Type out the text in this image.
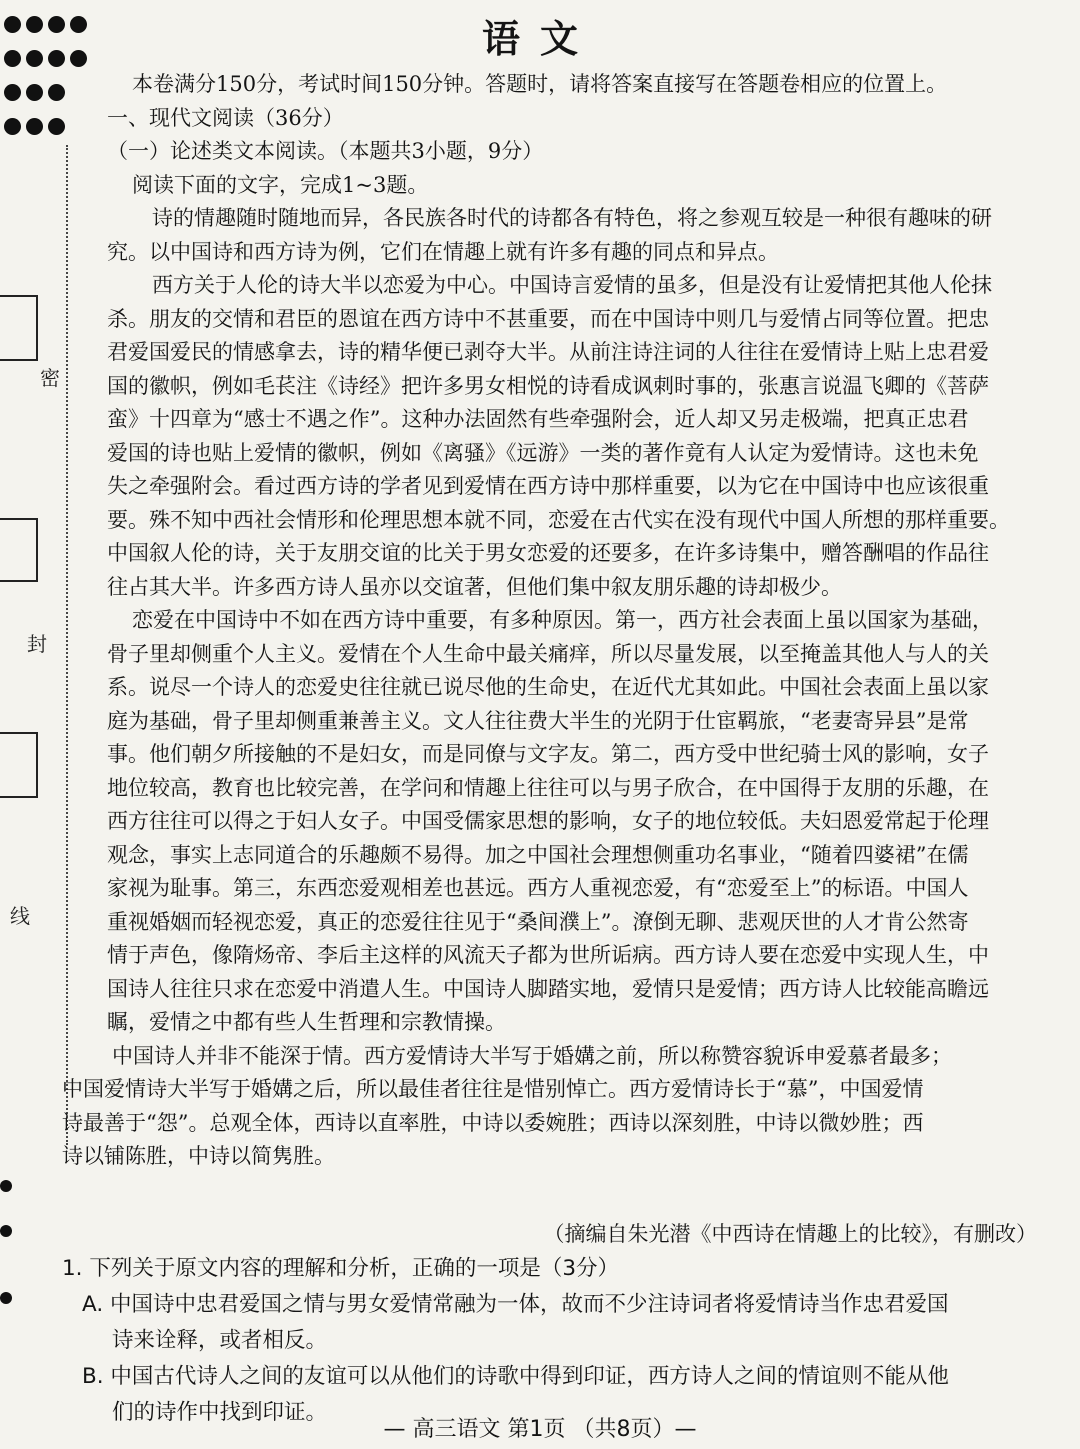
密
封
线
语文
本卷满分150分，考试时间150分钟。答题时，请将答案直接写在答题卷相应的位置上。
一、现代文阅读（36分）
（一）论述类文本阅读。（本题共3小题，9分）
阅读下面的文字，完成1~3题。
诗的情趣随时随地而异，各民族各时代的诗都各有特色，将之参观互较是一种很有趣味的研
究。以中国诗和西方诗为例，它们在情趣上就有许多有趣的同点和异点。
西方关于人伦的诗大半以恋爱为中心。中国诗言爱情的虽多，但是没有让爱情把其他人伦抹
杀。朋友的交情和君臣的恩谊在西方诗中不甚重要，而在中国诗中则几与爱情占同等位置。把忠
君爱国爱民的情感拿去，诗的精华便已剥夺大半。从前注诗注词的人往往在爱情诗上贴上忠君爱
国的徽帜，例如毛苌注《诗经》把许多男女相悦的诗看成讽刺时事的，张惠言说温飞卿的《菩萨
蛮》十四章为“感士不遇之作”。这种办法固然有些牵强附会，近人却又另走极端，把真正忠君
爱国的诗也贴上爱情的徽帜，例如《离骚》《远游》一类的著作竟有人认定为爱情诗。这也未免
失之牵强附会。看过西方诗的学者见到爱情在西方诗中那样重要，以为它在中国诗中也应该很重
要。殊不知中西社会情形和伦理思想本就不同，恋爱在古代实在没有现代中国人所想的那样重要。
中国叙人伦的诗，关于友朋交谊的比关于男女恋爱的还要多，在许多诗集中，赠答酬唱的作品往
往占其大半。许多西方诗人虽亦以交谊著，但他们集中叙友朋乐趣的诗却极少。
恋爱在中国诗中不如在西方诗中重要，有多种原因。第一，西方社会表面上虽以国家为基础，
骨子里却侧重个人主义。爱情在个人生命中最关痛痒，所以尽量发展，以至掩盖其他人与人的关
系。说尽一个诗人的恋爱史往往就已说尽他的生命史，在近代尤其如此。中国社会表面上虽以家
庭为基础，骨子里却侧重兼善主义。文人往往费大半生的光阴于仕宦羁旅，“老妻寄异县”是常
事。他们朝夕所接触的不是妇女，而是同僚与文字友。第二，西方受中世纪骑士风的影响，女子
地位较高，教育也比较完善，在学问和情趣上往往可以与男子欣合，在中国得于友朋的乐趣，在
西方往往可以得之于妇人女子。中国受儒家思想的影响，女子的地位较低。夫妇恩爱常起于伦理
观念，事实上志同道合的乐趣颇不易得。加之中国社会理想侧重功名事业，“随着四婆裙”在儒
家视为耻事。第三，东西恋爱观相差也甚远。西方人重视恋爱，有“恋爱至上”的标语。中国人
重视婚姻而轻视恋爱，真正的恋爱往往见于“桑间濮上”。潦倒无聊、悲观厌世的人才肯公然寄
情于声色，像隋炀帝、李后主这样的风流天子都为世所诟病。西方诗人要在恋爱中实现人生，中
国诗人往往只求在恋爱中消遣人生。中国诗人脚踏实地，爱情只是爱情；西方诗人比较能高瞻远
瞩，爱情之中都有些人生哲理和宗教情操。
中国诗人并非不能深于情。西方爱情诗大半写于婚媾之前，所以称赞容貌诉申爱慕者最多；
中国爱情诗大半写于婚媾之后，所以最佳者往往是惜别悼亡。西方爱情诗长于“慕”，中国爱情
诗最善于“怨”。总观全体，西诗以直率胜，中诗以委婉胜；西诗以深刻胜，中诗以微妙胜；西
诗以铺陈胜，中诗以简隽胜。
（摘编自朱光潜《中西诗在情趣上的比较》，有删改）
1. 下列关于原文内容的理解和分析，正确的一项是（3分）
A. 中国诗中忠君爱国之情与男女爱情常融为一体，故而不少注诗词者将爱情诗当作忠君爱国
诗来诠释，或者相反。
B. 中国古代诗人之间的友谊可以从他们的诗歌中得到印证，西方诗人之间的情谊则不能从他
们的诗作中找到印证。
— 高三语文 第1页 （共8页）—
